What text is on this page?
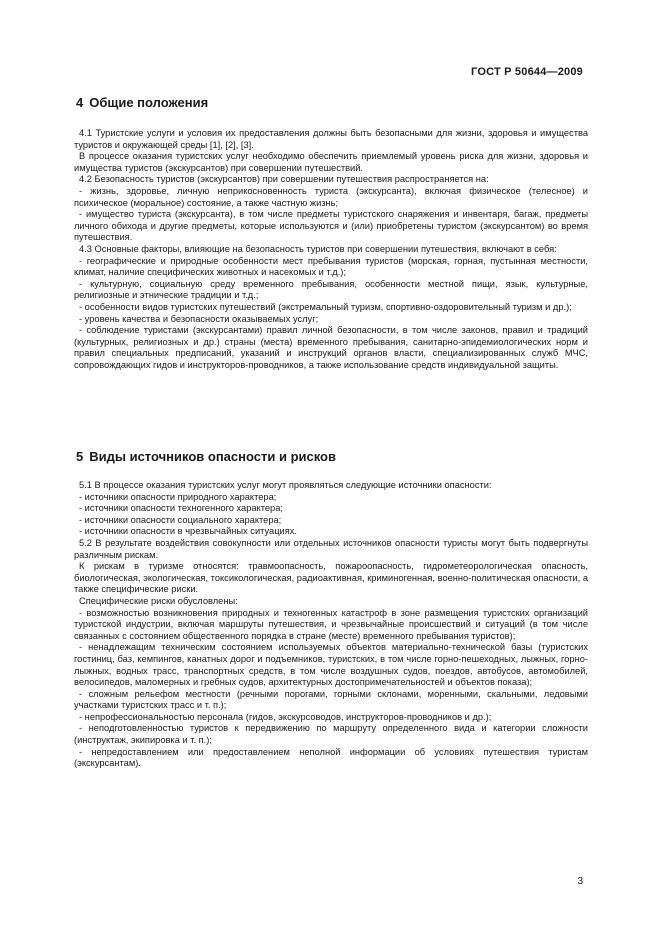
ГОСТ Р 50644—2009
4 Общие положения

4.1 Туристские услуги и условия их предоставления должны быть безопасными для жизни, здоровья и имущества туристов и окружающей среды [1], [2], [3].

В процессе оказания туристских услуг необходимо обеспечить приемлемый уровень риска для жизни, здоровья и имущества туристов (экскурсантов) при совершении путешествий.

4.2 Безопасность туристов (экскурсантов) при совершении путешествия распространяется на:

- жизнь, здоровье, личную неприкосновенность туриста (экскурсанта), включая физическое (телесное) и психическое (моральное) состояние, а также частную жизнь;

- имущество туриста (экскурсанта), в том числе предметы туристского снаряжения и инвентаря, багаж, предметы личного обихода и другие предметы, которые используются и (или) приобретены туристом (экскурсантом) во время путешествия.

4.3 Основные факторы, влияющие на безопасность туристов при совершении путешествия, включают в себя:

- географические и природные особенности мест пребывания туристов (морская, горная, пустынная местности, климат, наличие специфических животных и насекомых и т.д.);

- культурную, социальную среду временного пребывания, особенности местной пищи, язык, культурные, религиозные и этнические традиции и т.д.;

- особенности видов туристских путешествий (экстремальный туризм, спортивно-оздоровительный туризм и др.);

- уровень качества и безопасности оказываемых услуг;

- соблюдение туристами (экскурсантами) правил личной безопасности, в том числе законов, правил и традиций (культурных, религиозных и др.) страны (места) временного пребывания, санитарно-эпидемиологических норм и правил специальных предписаний, указаний и инструкций органов власти, специализированных служб МЧС, сопровождающих гидов и инструкторов-проводников, а также использование средств индивидуальной защиты.

5 Виды источников опасности и рисков

5.1 В процессе оказания туристских услуг могут проявляться следующие источники опасности:

- источники опасности природного характера;

- источники опасности техногенного характера;

- источники опасности социального характера;

- источники опасности в чрезвычайных ситуациях.

5.2 В результате воздействия совокупности или отдельных источников опасности туристы могут быть подвергнуты различным рискам.

К рискам в туризме относятся: травмоопасность, пожароопасность, гидрометеорологическая опасность, биологическая, экологическая, токсикологическая, радиоактивная, криминогенная, военно-политическая опасности, а также специфические риски.

Специфические риски обусловлены:

- возможностью возникновения природных и техногенных катастроф в зоне размещения туристских организаций туристской индустрии, включая маршруты путешествия, и чрезвычайные происшествий и ситуаций (в том числе связанных с состоянием общественного порядка в стране (месте) временного пребывания туристов);

- ненадлежащим техническим состоянием используемых объектов материально-технической базы (туристских гостиниц, баз, кемпингов, канатных дорог и подъемников, туристских, в том числе горно-пешеходных, лыжных, горно-лыжных, водных трасс, транспортных средств, в том числе воздушных судов, поездов, автобусов, автомобилей, велосипедов, маломерных и гребных судов, архитектурных достопримечательностей и объектов показа);

- сложным рельефом местности (речными порогами, горными склонами, моренными, скальными, ледовыми участками туристских трасс и т. п.);

- непрофессиональностью персонала (гидов, экскурсоводов, инструкторов-проводников и др.);

- неподготовленностью туристов к передвижению по маршруту определенного вида и категории сложности (инструктаж, экипировка и т. п.);

- непредоставлением или предоставлением неполной информации об условиях путешествия туристам (экскурсантам).

3
